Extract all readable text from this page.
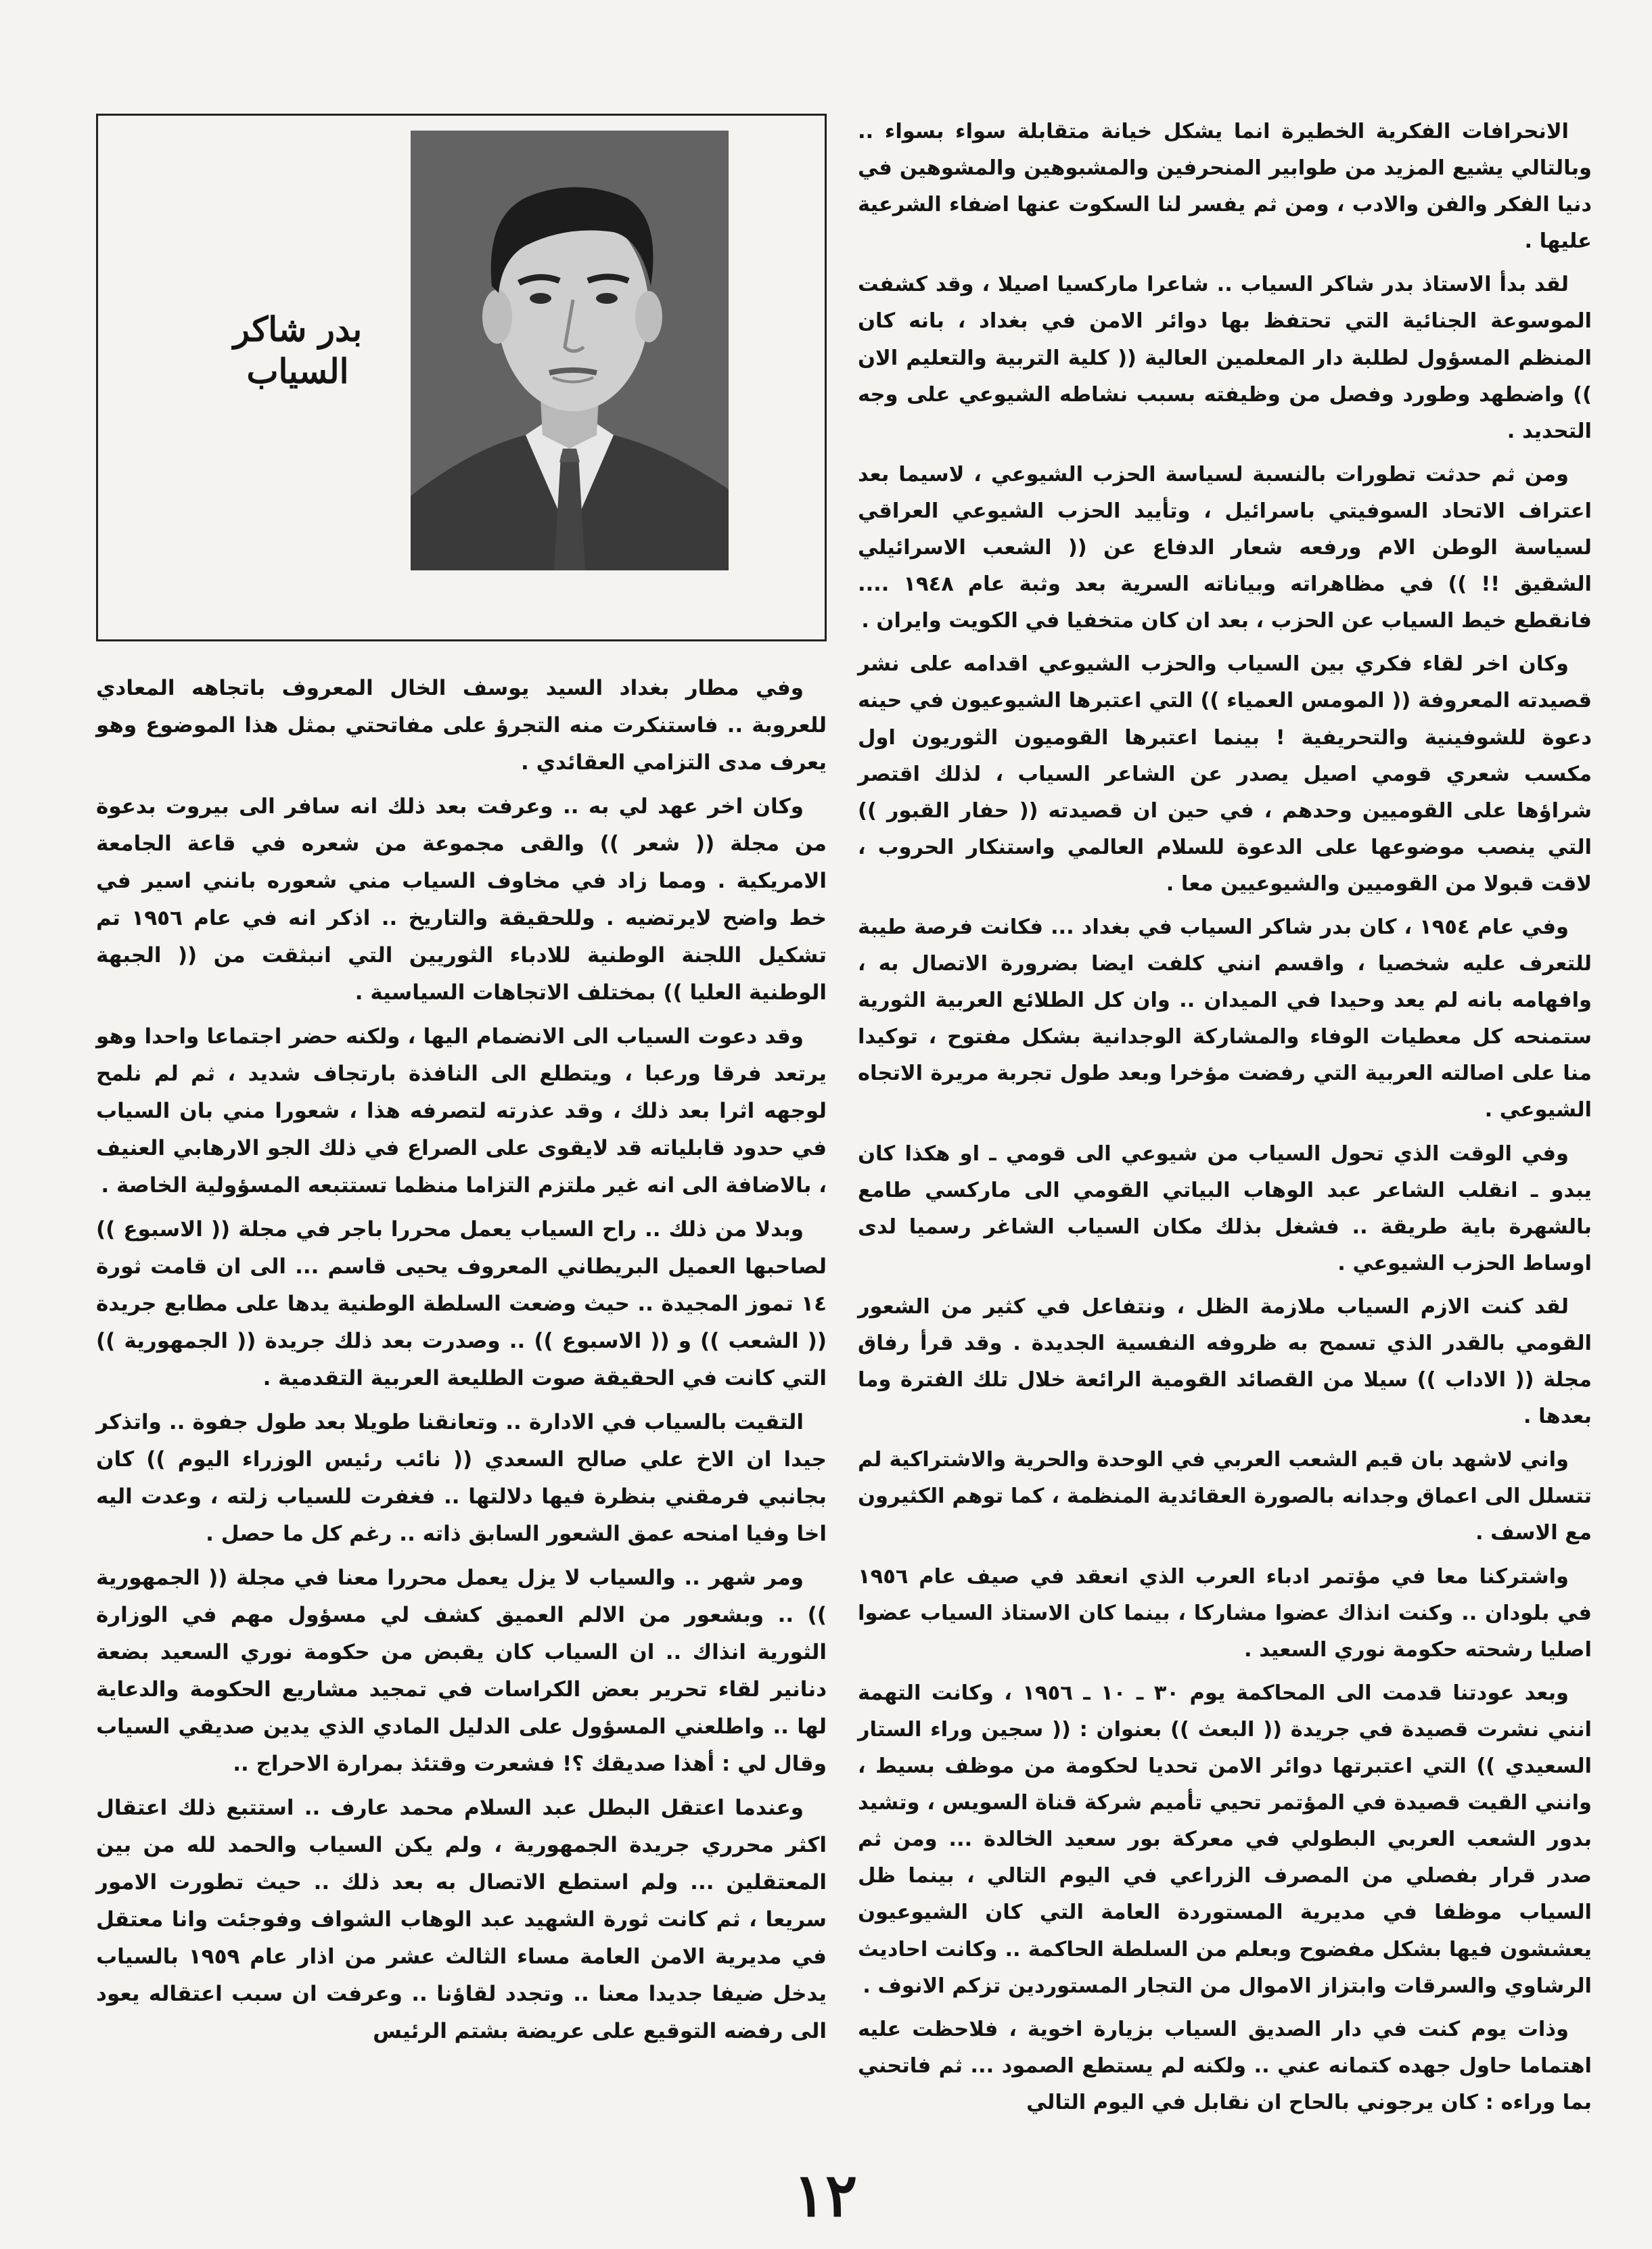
بدر شاكر
السياب

الانحرافات الفكرية الخطيرة انما يشكل خيانة متقابلة سواء بسواء .. وبالتالي يشيع المزيد من طوابير المنحرفين والمشبوهين والمشوهين في دنيا الفكر والفن والادب ، ومن ثم يفسر لنا السكوت عنها اضفاء الشرعية عليها .

لقد بدأ الاستاذ بدر شاكر السياب .. شاعرا ماركسيا اصيلا ، وقد كشفت الموسوعة الجنائية التي تحتفظ بها دوائر الامن في بغداد ، بانه كان المنظم المسؤول لطلبة دار المعلمين العالية (( كلية التربية والتعليم الان )) واضطهد وطورد وفصل من وظيفته بسبب نشاطه الشيوعي على وجه التحديد .

ومن ثم حدثت تطورات بالنسبة لسياسة الحزب الشيوعي ، لاسيما بعد اعتراف الاتحاد السوفيتي باسرائيل ، وتأييد الحزب الشيوعي العراقي لسياسة الوطن الام ورفعه شعار الدفاع عن (( الشعب الاسرائيلي الشقيق !! )) في مظاهراته وبياناته السرية بعد وثبة عام ١٩٤٨ .... فانقطع خيط السياب عن الحزب ، بعد ان كان متخفيا في الكويت وايران .

وكان اخر لقاء فكري بين السياب والحزب الشيوعي اقدامه على نشر قصيدته المعروفة (( المومس العمياء )) التي اعتبرها الشيوعيون في حينه دعوة للشوفينية والتحريفية ! بينما اعتبرها القوميون الثوريون اول مكسب شعري قومي اصيل يصدر عن الشاعر السياب ، لذلك اقتصر شراؤها على القوميين وحدهم ، في حين ان قصيدته (( حفار القبور )) التي ينصب موضوعها على الدعوة للسلام العالمي واستنكار الحروب ، لاقت قبولا من القوميين والشيوعيين معا .

وفي عام ١٩٥٤ ، كان بدر شاكر السياب في بغداد ... فكانت فرصة طيبة للتعرف عليه شخصيا ، واقسم انني كلفت ايضا بضرورة الاتصال به ، وافهامه بانه لم يعد وحيدا في الميدان .. وان كل الطلائع العربية الثورية ستمنحه كل معطيات الوفاء والمشاركة الوجدانية بشكل مفتوح ، توكيدا منا على اصالته العربية التي رفضت مؤخرا وبعد طول تجربة مريرة الاتجاه الشيوعي .

وفي الوقت الذي تحول السياب من شيوعي الى قومي ـ او هكذا كان يبدو ـ انقلب الشاعر عبد الوهاب البياتي القومي الى ماركسي طامع بالشهرة باية طريقة .. فشغل بذلك مكان السياب الشاغر رسميا لدى اوساط الحزب الشيوعي .

لقد كنت الازم السياب ملازمة الظل ، ونتفاعل في كثير من الشعور القومي بالقدر الذي تسمح به ظروفه النفسية الجديدة . وقد قرأ رفاق مجلة (( الاداب )) سيلا من القصائد القومية الرائعة خلال تلك الفترة وما بعدها .

واني لاشهد بان قيم الشعب العربي في الوحدة والحرية والاشتراكية لم تتسلل الى اعماق وجدانه بالصورة العقائدية المنظمة ، كما توهم الكثيرون مع الاسف .

واشتركنا معا في مؤتمر ادباء العرب الذي انعقد في صيف عام ١٩٥٦ في بلودان .. وكنت انذاك عضوا مشاركا ، بينما كان الاستاذ السياب عضوا اصليا رشحته حكومة نوري السعيد .

وبعد عودتنا قدمت الى المحاكمة يوم ٣٠ ـ ١٠ ـ ١٩٥٦ ، وكانت التهمة انني نشرت قصيدة في جريدة (( البعث )) بعنوان : (( سجين وراء الستار السعيدي )) التي اعتبرتها دوائر الامن تحديا لحكومة من موظف بسيط ، وانني القيت قصيدة في المؤتمر تحيي تأميم شركة قناة السويس ، وتشيد بدور الشعب العربي البطولي في معركة بور سعيد الخالدة ... ومن ثم صدر قرار بفصلي من المصرف الزراعي في اليوم التالي ، بينما ظل السياب موظفا في مديرية المستوردة العامة التي كان الشيوعيون يعششون فيها بشكل مفضوح وبعلم من السلطة الحاكمة .. وكانت احاديث الرشاوي والسرقات وابتزاز الاموال من التجار المستوردين تزكم الانوف .

وذات يوم كنت في دار الصديق السياب بزيارة اخوية ، فلاحظت عليه اهتماما حاول جهده كتمانه عني .. ولكنه لم يستطع الصمود ... ثم فاتحني بما وراءه : كان يرجوني بالحاح ان نقابل في اليوم التالي

وفي مطار بغداد السيد يوسف الخال المعروف باتجاهه المعادي للعروبة .. فاستنكرت منه التجرؤ على مفاتحتي بمثل هذا الموضوع وهو يعرف مدى التزامي العقائدي .

وكان اخر عهد لي به .. وعرفت بعد ذلك انه سافر الى بيروت بدعوة من مجلة (( شعر )) والقى مجموعة من شعره في قاعة الجامعة الامريكية . ومما زاد في مخاوف السياب مني شعوره بانني اسير في خط واضح لايرتضيه . وللحقيقة والتاريخ .. اذكر انه في عام ١٩٥٦ تم تشكيل اللجنة الوطنية للادباء الثوريين التي انبثقت من (( الجبهة الوطنية العليا )) بمختلف الاتجاهات السياسية .

وقد دعوت السياب الى الانضمام اليها ، ولكنه حضر اجتماعا واحدا وهو يرتعد فرقا ورعبا ، ويتطلع الى النافذة بارتجاف شديد ، ثم لم نلمح لوجهه اثرا بعد ذلك ، وقد عذرته لتصرفه هذا ، شعورا مني بان السياب في حدود قابلياته قد لايقوى على الصراع في ذلك الجو الارهابي العنيف ، بالاضافة الى انه غير ملتزم التزاما منظما تستتبعه المسؤولية الخاصة .

وبدلا من ذلك .. راح السياب يعمل محررا باجر في مجلة (( الاسبوع )) لصاحبها العميل البريطاني المعروف يحيى قاسم ... الى ان قامت ثورة ١٤ تموز المجيدة .. حيث وضعت السلطة الوطنية يدها على مطابع جريدة (( الشعب )) و (( الاسبوع )) .. وصدرت بعد ذلك جريدة (( الجمهورية )) التي كانت في الحقيقة صوت الطليعة العربية التقدمية .

التقيت بالسياب في الادارة .. وتعانقنا طويلا بعد طول جفوة .. واتذكر جيدا ان الاخ علي صالح السعدي (( نائب رئيس الوزراء اليوم )) كان بجانبي فرمقني بنظرة فيها دلالتها .. فغفرت للسياب زلته ، وعدت اليه اخا وفيا امنحه عمق الشعور السابق ذاته .. رغم كل ما حصل .

ومر شهر .. والسياب لا يزل يعمل محررا معنا في مجلة (( الجمهورية )) .. وبشعور من الالم العميق كشف لي مسؤول مهم في الوزارة الثورية انذاك .. ان السياب كان يقبض من حكومة نوري السعيد بضعة دنانير لقاء تحرير بعض الكراسات في تمجيد مشاريع الحكومة والدعاية لها .. واطلعني المسؤول على الدليل المادي الذي يدين صديقي السياب وقال لي : أهذا صديقك ؟! فشعرت وقتئذ بمرارة الاحراج ..

وعندما اعتقل البطل عبد السلام محمد عارف .. استتبع ذلك اعتقال اكثر محرري جريدة الجمهورية ، ولم يكن السياب والحمد لله من بين المعتقلين ... ولم استطع الاتصال به بعد ذلك .. حيث تطورت الامور سريعا ، ثم كانت ثورة الشهيد عبد الوهاب الشواف وفوجئت وانا معتقل في مديرية الامن العامة مساء الثالث عشر من اذار عام ١٩٥٩ بالسياب يدخل ضيفا جديدا معنا .. وتجدد لقاؤنا .. وعرفت ان سبب اعتقاله يعود الى رفضه التوقيع على عريضة بشتم الرئيس

١٢
